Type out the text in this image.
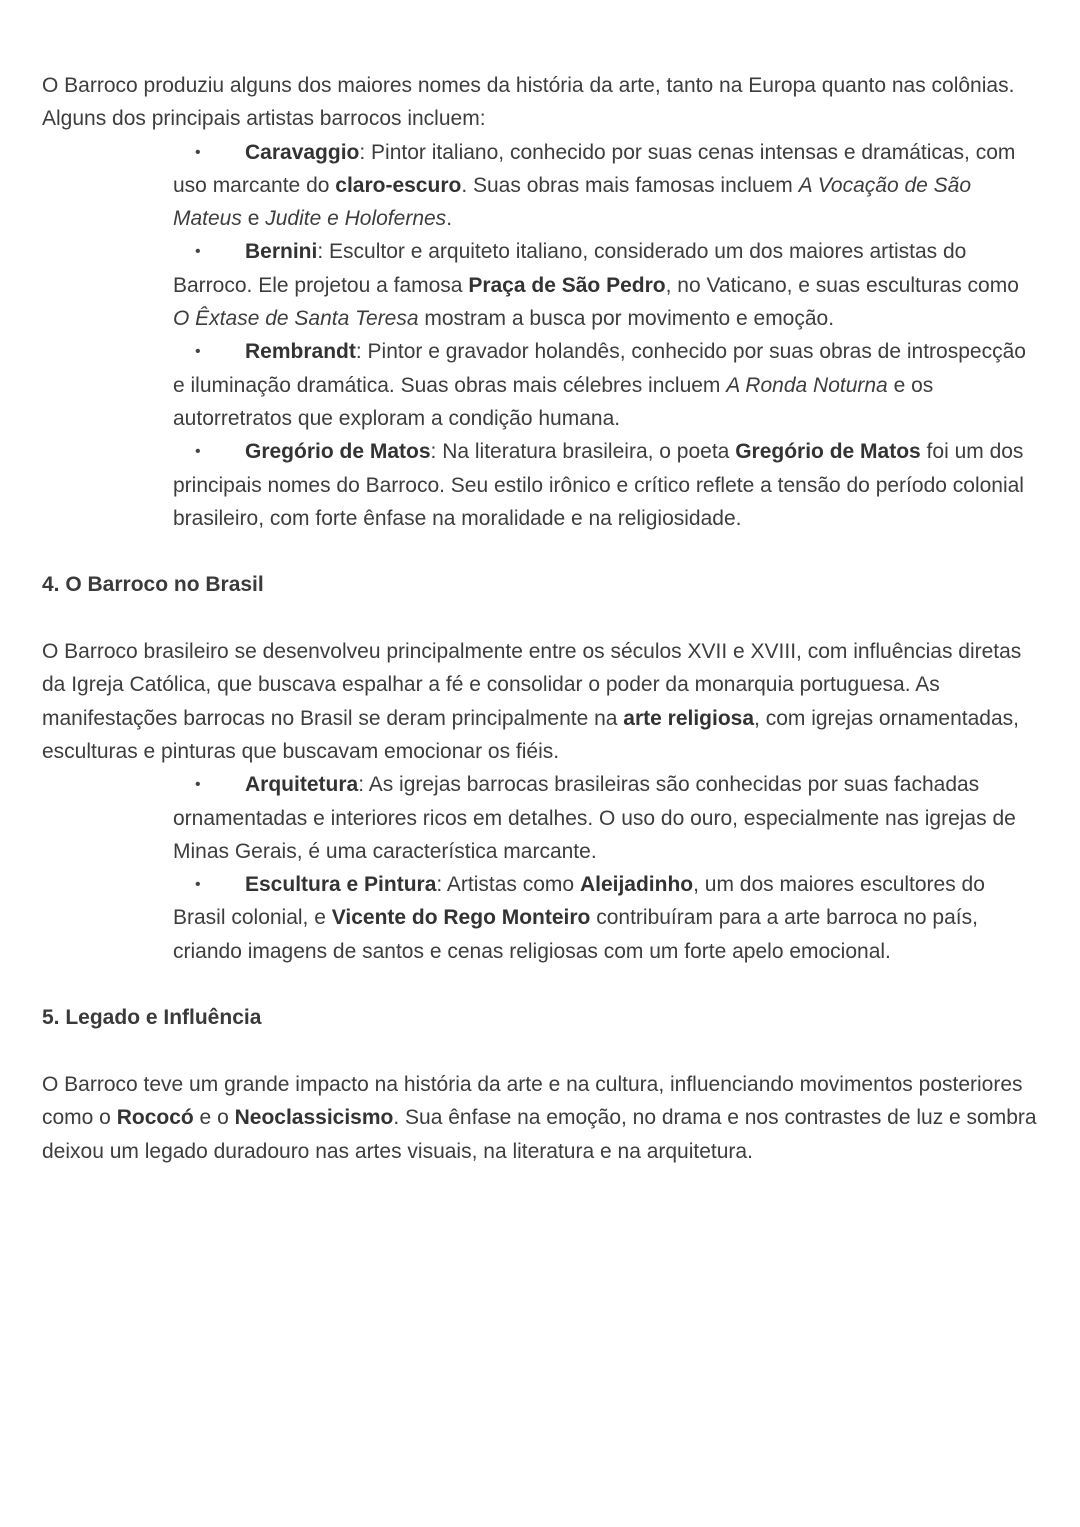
O Barroco produziu alguns dos maiores nomes da história da arte, tanto na Europa quanto nas colônias. Alguns dos principais artistas barrocos incluem:

• Caravaggio: Pintor italiano, conhecido por suas cenas intensas e dramáticas, com uso marcante do claro-escuro. Suas obras mais famosas incluem A Vocação de São Mateus e Judite e Holofernes.
• Bernini: Escultor e arquiteto italiano, considerado um dos maiores artistas do Barroco. Ele projetou a famosa Praça de São Pedro, no Vaticano, e suas esculturas como O Êxtase de Santa Teresa mostram a busca por movimento e emoção.
• Rembrandt: Pintor e gravador holandês, conhecido por suas obras de introspecção e iluminação dramática. Suas obras mais célebres incluem A Ronda Noturna e os autorretratos que exploram a condição humana.
• Gregório de Matos: Na literatura brasileira, o poeta Gregório de Matos foi um dos principais nomes do Barroco. Seu estilo irônico e crítico reflete a tensão do período colonial brasileiro, com forte ênfase na moralidade e na religiosidade.
4. O Barroco no Brasil

O Barroco brasileiro se desenvolveu principalmente entre os séculos XVII e XVIII, com influências diretas da Igreja Católica, que buscava espalhar a fé e consolidar o poder da monarquia portuguesa. As manifestações barrocas no Brasil se deram principalmente na arte religiosa, com igrejas ornamentadas, esculturas e pinturas que buscavam emocionar os fiéis.

• Arquitetura: As igrejas barrocas brasileiras são conhecidas por suas fachadas ornamentadas e interiores ricos em detalhes. O uso do ouro, especialmente nas igrejas de Minas Gerais, é uma característica marcante.
• Escultura e Pintura: Artistas como Aleijadinho, um dos maiores escultores do Brasil colonial, e Vicente do Rego Monteiro contribuíram para a arte barroca no país, criando imagens de santos e cenas religiosas com um forte apelo emocional.
5. Legado e Influência

O Barroco teve um grande impacto na história da arte e na cultura, influenciando movimentos posteriores como o Rococó e o Neoclassicismo. Sua ênfase na emoção, no drama e nos contrastes de luz e sombra deixou um legado duradouro nas artes visuais, na literatura e na arquitetura.
